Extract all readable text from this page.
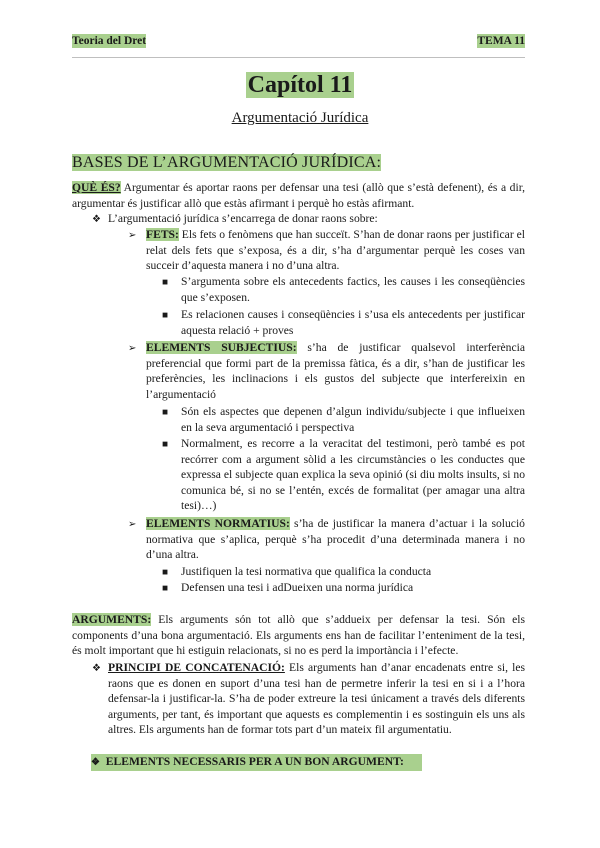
Teoria del Dret	TEMA 11
Capítol 11
Argumentació Jurídica
BASES DE L’ARGUMENTACIÓ JURÍDICA:
QUÈ ÉS? Argumentar és aportar raons per defensar una tesi (allò que s’està defenent), és a dir, argumentar és justificar allò que estàs afirmant i perquè ho estàs afirmant.
❖ L’argumentació jurídica s’encarrega de donar raons sobre:
➢ FETS: Els fets o fenòmens que han succeït. S’han de donar raons per justificar el relat dels fets que s’exposa, és a dir, s’ha d’argumentar perquè les coses van succeir d’aquesta manera i no d’una altra.
■ S’argumenta sobre els antecedents factics, les causes i les conseqüències que s’exposen.
■ Es relacionen causes i conseqüències i s’usa els antecedents per justificar aquesta relació + proves
➢ ELEMENTS SUBJECTIUS: s’ha de justificar qualsevol interferència preferencial que formi part de la premissa fàtica, és a dir, s’han de justificar les preferències, les inclinacions i els gustos del subjecte que interfereixin en l’argumentació
■ Són els aspectes que depenen d’algun individu/subjecte i que influeixen en la seva argumentació i perspectiva
■ Normalment, es recorre a la veracitat del testimoni, però també es pot recórrer com a argument sòlid a les circumstàncies o les conductes que expressa el subjecte quan explica la seva opinió (si diu molts insults, si no comunica bé, si no se l’entén, excés de formalitat (per amagar una altra tesi)…)
➢ ELEMENTS NORMATIUS: s’ha de justificar la manera d’actuar i la solució normativa que s’aplica, perquè s’ha procedit d’una determinada manera i no d’una altra.
■ Justifiquen la tesi normativa que qualifica la conducta
■ Defensen una tesi i adDueixen una norma jurídica
ARGUMENTS: Els arguments són tot allò que s’addueix per defensar la tesi. Són els components d’una bona argumentació. Els arguments ens han de facilitar l’enteniment de la tesi, és molt important que hi estiguin relacionats, si no es perd la importància i l’efecte.
❖ PRINCIPI DE CONCATENACIÓ: Els arguments han d’anar encadenats entre si, les raons que es donen en suport d’una tesi han de permetre inferir la tesi en si i a l’hora defensar-la i justificar-la. S’ha de poder extreure la tesi únicament a través dels diferents arguments, per tant, és important que aquests es complementin i es sostinguin els uns als altres. Els arguments han de formar tots part d’un mateix fil argumentatiu.
❖ ELEMENTS NECESSARIS PER A UN BON ARGUMENT:
